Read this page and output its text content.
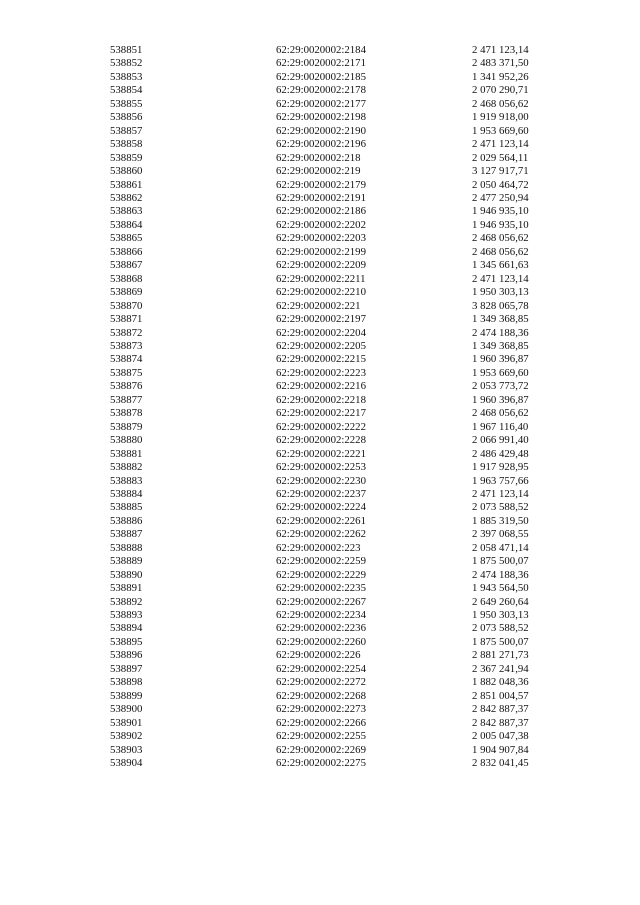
538851	62:29:0020002:2184	2 471 123,14
538852	62:29:0020002:2171	2 483 371,50
538853	62:29:0020002:2185	1 341 952,26
538854	62:29:0020002:2178	2 070 290,71
538855	62:29:0020002:2177	2 468 056,62
538856	62:29:0020002:2198	1 919 918,00
538857	62:29:0020002:2190	1 953 669,60
538858	62:29:0020002:2196	2 471 123,14
538859	62:29:0020002:218	2 029 564,11
538860	62:29:0020002:219	3 127 917,71
538861	62:29:0020002:2179	2 050 464,72
538862	62:29:0020002:2191	2 477 250,94
538863	62:29:0020002:2186	1 946 935,10
538864	62:29:0020002:2202	1 946 935,10
538865	62:29:0020002:2203	2 468 056,62
538866	62:29:0020002:2199	2 468 056,62
538867	62:29:0020002:2209	1 345 661,63
538868	62:29:0020002:2211	2 471 123,14
538869	62:29:0020002:2210	1 950 303,13
538870	62:29:0020002:221	3 828 065,78
538871	62:29:0020002:2197	1 349 368,85
538872	62:29:0020002:2204	2 474 188,36
538873	62:29:0020002:2205	1 349 368,85
538874	62:29:0020002:2215	1 960 396,87
538875	62:29:0020002:2223	1 953 669,60
538876	62:29:0020002:2216	2 053 773,72
538877	62:29:0020002:2218	1 960 396,87
538878	62:29:0020002:2217	2 468 056,62
538879	62:29:0020002:2222	1 967 116,40
538880	62:29:0020002:2228	2 066 991,40
538881	62:29:0020002:2221	2 486 429,48
538882	62:29:0020002:2253	1 917 928,95
538883	62:29:0020002:2230	1 963 757,66
538884	62:29:0020002:2237	2 471 123,14
538885	62:29:0020002:2224	2 073 588,52
538886	62:29:0020002:2261	1 885 319,50
538887	62:29:0020002:2262	2 397 068,55
538888	62:29:0020002:223	2 058 471,14
538889	62:29:0020002:2259	1 875 500,07
538890	62:29:0020002:2229	2 474 188,36
538891	62:29:0020002:2235	1 943 564,50
538892	62:29:0020002:2267	2 649 260,64
538893	62:29:0020002:2234	1 950 303,13
538894	62:29:0020002:2236	2 073 588,52
538895	62:29:0020002:2260	1 875 500,07
538896	62:29:0020002:226	2 881 271,73
538897	62:29:0020002:2254	2 367 241,94
538898	62:29:0020002:2272	1 882 048,36
538899	62:29:0020002:2268	2 851 004,57
538900	62:29:0020002:2273	2 842 887,37
538901	62:29:0020002:2266	2 842 887,37
538902	62:29:0020002:2255	2 005 047,38
538903	62:29:0020002:2269	1 904 907,84
538904	62:29:0020002:2275	2 832 041,45
